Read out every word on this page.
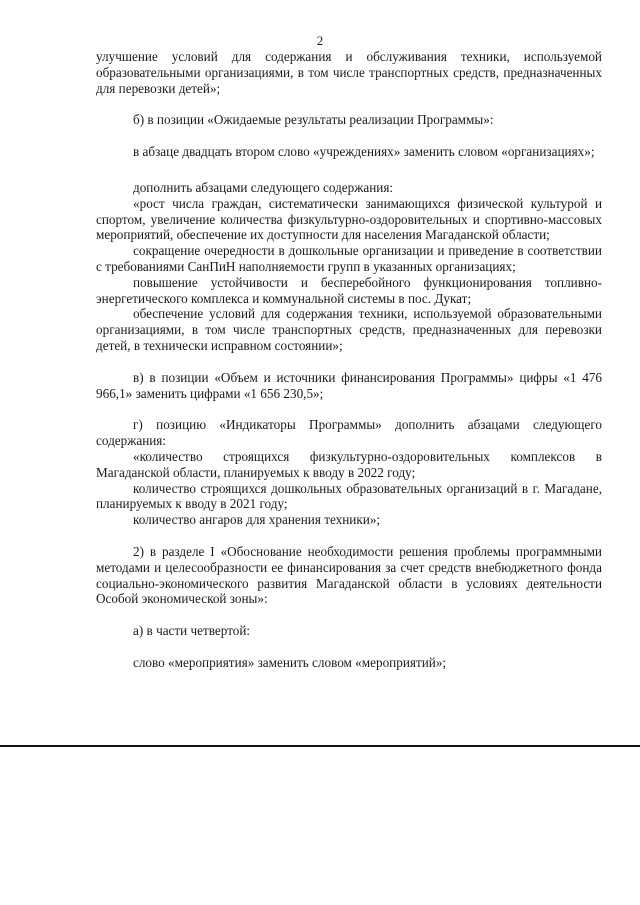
2

улучшение условий для содержания и обслуживания техники, используемой образовательными организациями, в том числе транспортных средств, предназначенных для перевозки детей»;

б) в позиции «Ожидаемые результаты реализации Программы»:

в абзаце двадцать втором слово «учреждениях» заменить словом «организациях»;

дополнить абзацами следующего содержания:

«рост числа граждан, систематически занимающихся физической культурой и спортом, увеличение количества физкультурно-оздоровительных и спортивно-массовых мероприятий, обеспечение их доступности для населения Магаданской области;

сокращение очередности в дошкольные организации и приведение в соответствии с требованиями СанПиН наполняемости групп в указанных организациях;

повышение устойчивости и бесперебойного функционирования топливно-энергетического комплекса и коммунальной системы в пос. Дукат;

обеспечение условий для содержания техники, используемой образовательными организациями, в том числе транспортных средств, предназначенных для перевозки детей, в технически исправном состоянии»;

в) в позиции «Объем и источники финансирования Программы» цифры «1 476 966,1» заменить цифрами «1 656 230,5»;

г) позицию «Индикаторы Программы» дополнить абзацами следующего содержания:

«количество строящихся физкультурно-оздоровительных комплексов в Магаданской области, планируемых к вводу в 2022 году;

количество строящихся дошкольных образовательных организаций в г. Магадане, планируемых к вводу в 2021 году;

количество ангаров для хранения техники»;

2) в разделе I «Обоснование необходимости решения проблемы программными методами и целесообразности ее финансирования за счет средств внебюджетного фонда социально-экономического развития Магаданской области в условиях деятельности Особой экономической зоны»:

а) в части четвертой:

слово «мероприятия» заменить словом «мероприятий»;
